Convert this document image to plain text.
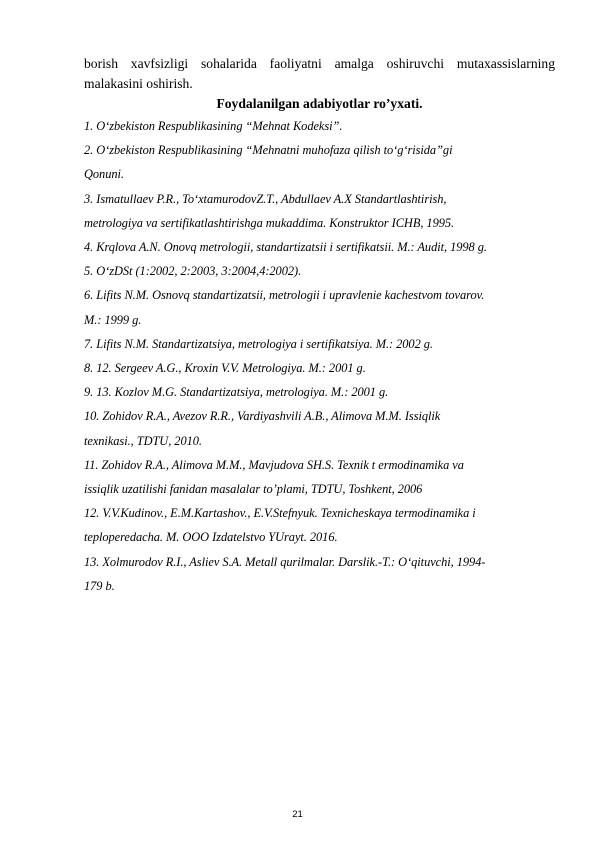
borish xavfsizligi sohalarida faoliyatni amalga oshiruvchi mutaxassislarning malakasini oshirish.

Foydalanilgan adabiyotlar ro’yxati.
1. O‘zbekiston Respublikasining “Mehnat Kodeksi”.
2. O‘zbekiston Respublikasining “Mehnatni muhofaza qilish to‘g‘risida”gi
Qonuni.
3. Ismatullaev P.R., To‘xtamurodovZ.T., Abdullaev A.X Standartlashtirish,
metrologiya va sertifikatlashtirishga mukaddima. Konstruktor ICHB, 1995.
4. Krqlova A.N. Onovq metrologii, standartizatsii i sertifikatsii. M.: Audit, 1998 g.
5. O‘zDSt (1:2002, 2:2003, 3:2004,4:2002).
6. Lifits N.M. Osnovq standartizatsii, metrologii i upravlenie kachestvom tovarov.
M.: 1999 g.
7. Lifits N.M. Standartizatsiya, metrologiya i sertifikatsiya. M.: 2002 g.
8. 12. Sergeev A.G., Kroxin V.V. Metrologiya. M.: 2001 g.
9. 13. Kozlov M.G. Standartizatsiya, metrologiya. M.: 2001 g.
10. Zohidov R.A., Avezov R.R., Vardiyashvili A.B., Alimova M.M. Issiqlik
texnikasi., TDTU, 2010.
11. Zohidov R.A., Alimova M.M., Mavjudova SH.S. Texnik t ermodinamika va
issiqlik uzatilishi fanidan masalalar to’plami, TDTU, Toshkent, 2006
12. V.V.Kudinov., E.M.Kartashov., E.V.Stefnyuk. Texnicheskaya termodinamika i
teploperedacha. M. OOO Izdatelstvo YUrayt. 2016.
13. Xolmurodov R.I., Asliev S.A. Metall qurilmalar. Darslik.-T.: O‘qituvchi, 1994-
179 b.
21
